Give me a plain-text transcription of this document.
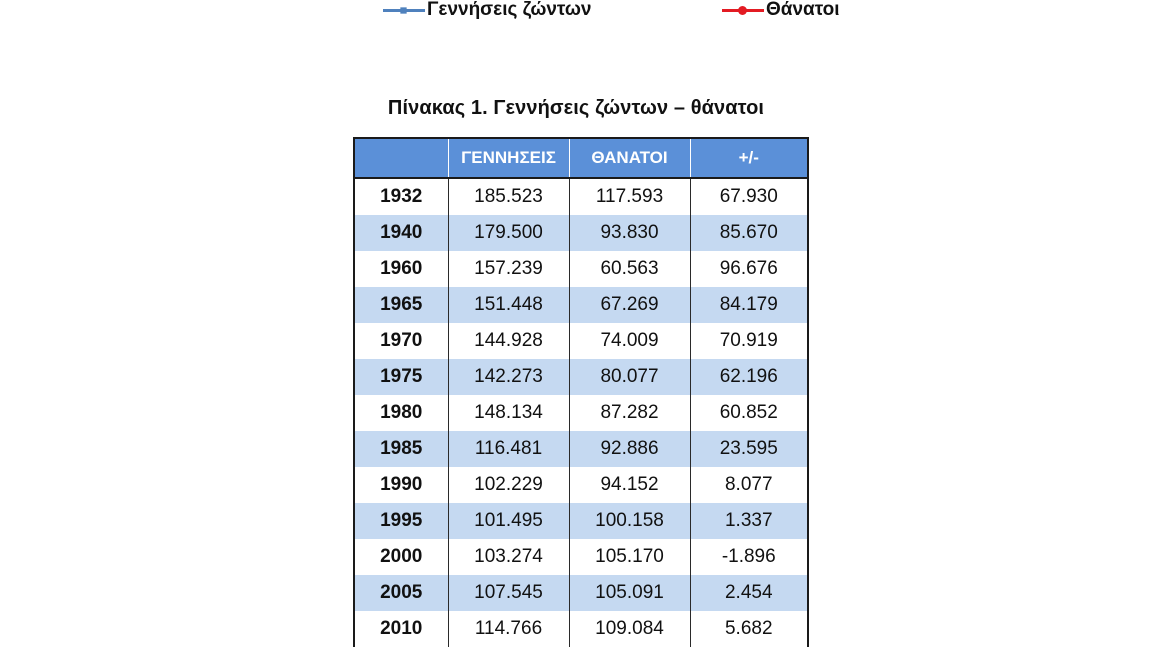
Γεννήσεις ζώντων	Θάνατοι
Πίνακας 1. Γεννήσεις ζώντων – θάνατοι
	ΓΕΝΝΗΣΕΙΣ	ΘΑΝΑΤΟΙ	+/-
1932	185.523	117.593	67.930
1940	179.500	93.830	85.670
1960	157.239	60.563	96.676
1965	151.448	67.269	84.179
1970	144.928	74.009	70.919
1975	142.273	80.077	62.196
1980	148.134	87.282	60.852
1985	116.481	92.886	23.595
1990	102.229	94.152	8.077
1995	101.495	100.158	1.337
2000	103.274	105.170	-1.896
2005	107.545	105.091	2.454
2010	114.766	109.084	5.682
